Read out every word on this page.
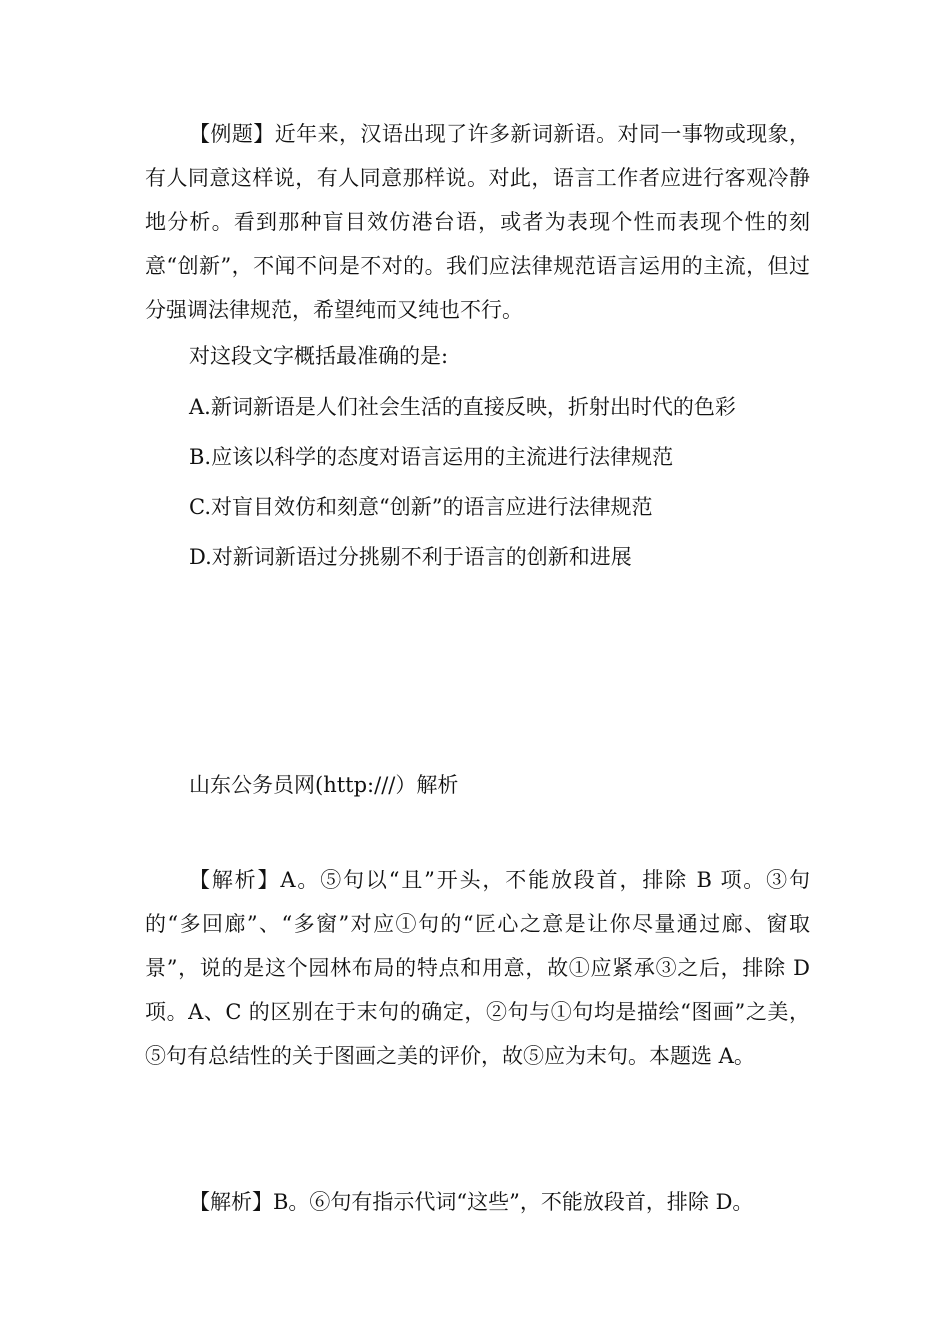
【例题】近年来，汉语出现了许多新词新语。对同一事物或现象，有人同意这样说，有人同意那样说。对此，语言工作者应进行客观冷静地分析。看到那种盲目效仿港台语，或者为表现个性而表现个性的刻意“创新”，不闻不问是不对的。我们应法律规范语言运用的主流，但过分强调法律规范，希望纯而又纯也不行。

对这段文字概括最准确的是:

A.新词新语是人们社会生活的直接反映，折射出时代的色彩

B.应该以科学的态度对语言运用的主流进行法律规范

C.对盲目效仿和刻意“创新”的语言应进行法律规范

D.对新词新语过分挑剔不利于语言的创新和进展

山东公务员网(http:///）解析

【解析】A。⑤句以“且”开头，不能放段首，排除 B 项。③句的“多回廊”、“多窗”对应①句的“匠心之意是让你尽量通过廊、窗取景”，说的是这个园林布局的特点和用意，故①应紧承③之后，排除 D 项。A、C 的区别在于末句的确定，②句与①句均是描绘“图画”之美，⑤句有总结性的关于图画之美的评价，故⑤应为末句。本题选 A。

【解析】B。⑥句有指示代词“这些”，不能放段首，排除 D。
